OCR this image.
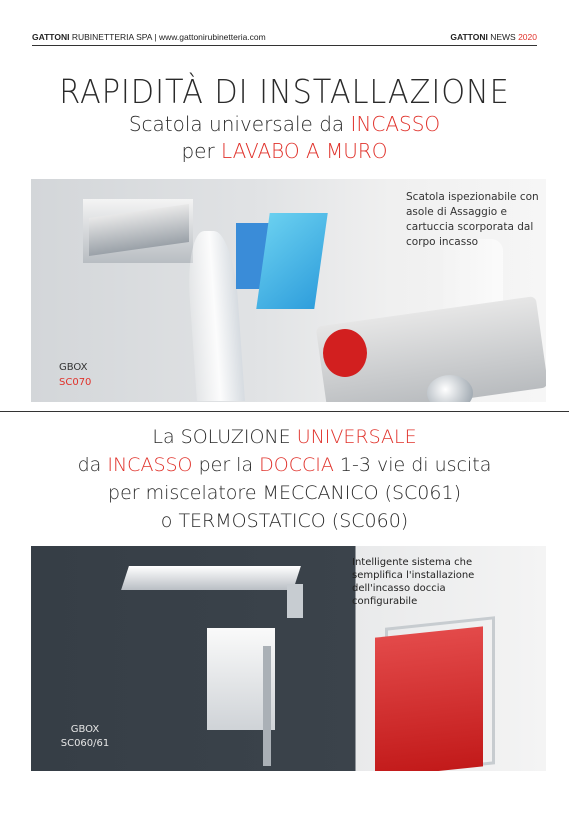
GATTONI RUBINETTERIA SPA | www.gattonirubinetteria.com	GATTONI NEWS 2020
RAPIDITÀ DI INSTALLAZIONE
Scatola universale da INCASSO
per LAVABO A MURO
Scatola ispezionabile con asole di Assaggio e cartuccia scorporata dal corpo incasso
GBOX
SC070
La SOLUZIONE UNIVERSALE
da INCASSO per la DOCCIA 1-3 vie di uscita
per miscelatore MECCANICO (SC061)
o TERMOSTATICO (SC060)
Intelligente sistema che semplifica l'installazione dell'incasso doccia configurabile
GBOX
SC060/61
